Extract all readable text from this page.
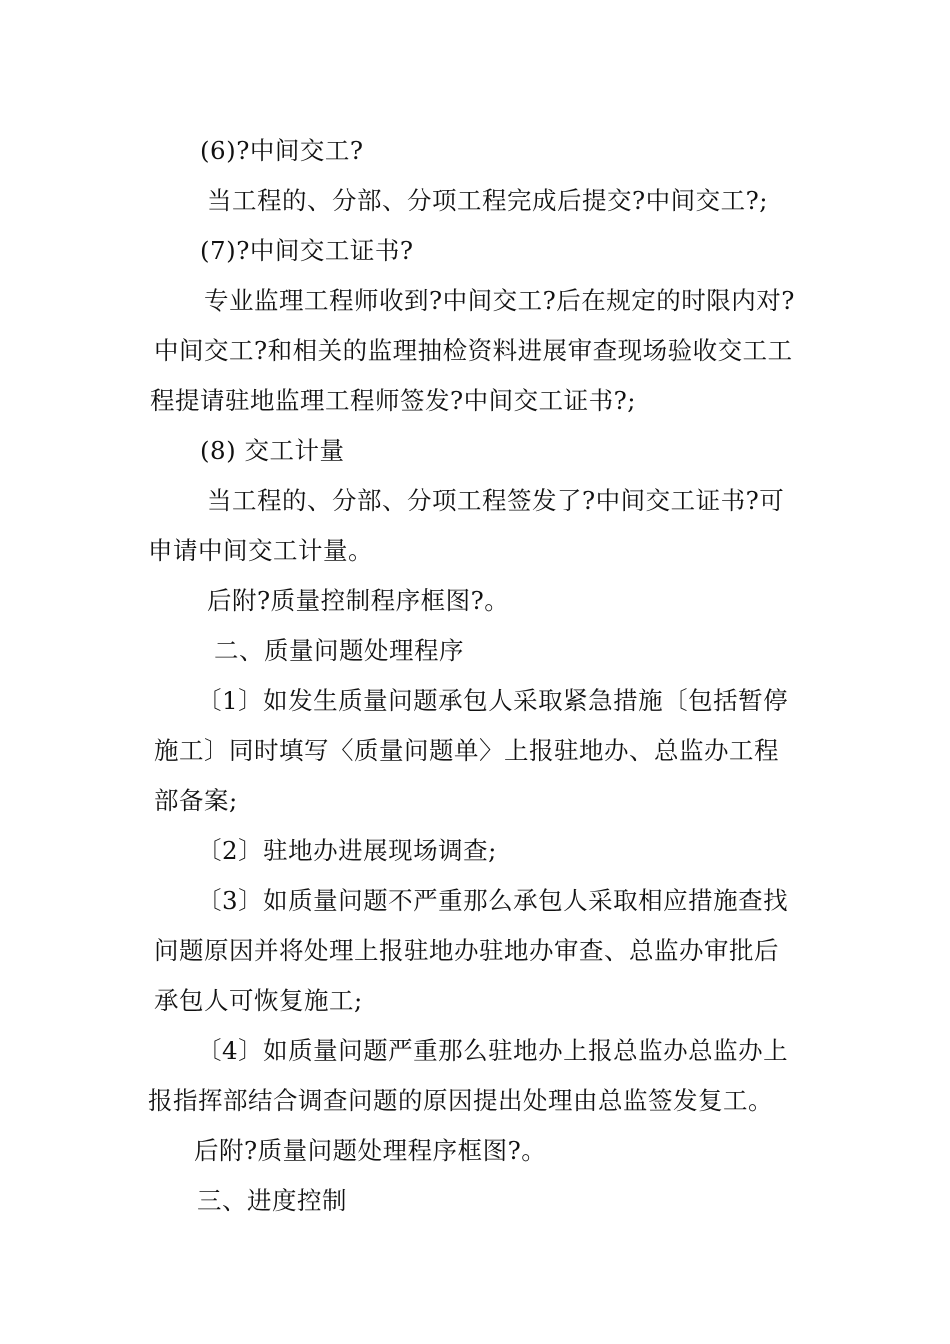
(6)?中间交工?
当工程的、分部、分项工程完成后提交?中间交工?;
(7)?中间交工证书?
专业监理工程师收到?中间交工?后在规定的时限内对?
中间交工?和相关的监理抽检资料进展审查现场验收交工工
程提请驻地监理工程师签发?中间交工证书?;
(8) 交工计量
当工程的、分部、分项工程签发了?中间交工证书?可
申请中间交工计量。
后附?质量控制程序框图?。
二、质量问题处理程序
〔1〕如发生质量问题承包人采取紧急措施〔包括暂停
施工〕同时填写〈质量问题单〉上报驻地办、总监办工程
部备案;
〔2〕驻地办进展现场调查;
〔3〕如质量问题不严重那么承包人采取相应措施查找
问题原因并将处理上报驻地办驻地办审查、总监办审批后
承包人可恢复施工;
〔4〕如质量问题严重那么驻地办上报总监办总监办上
报指挥部结合调查问题的原因提出处理由总监签发复工。
后附?质量问题处理程序框图?。
三、进度控制
